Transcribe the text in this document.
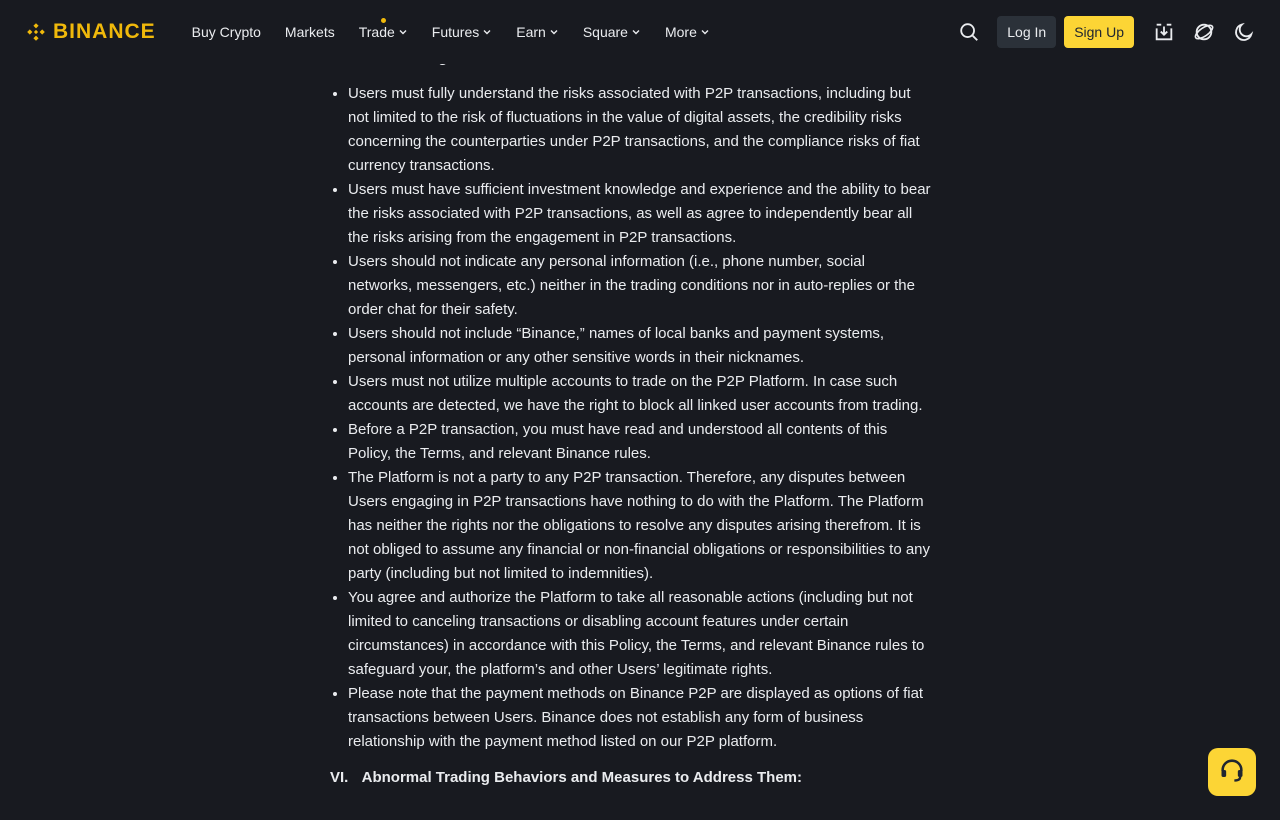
• Users must fully understand the risks associated with P2P transactions, including but not limited to the risk of fluctuations in the value of digital assets, the credibility risks concerning the counterparties under P2P transactions, and the compliance risks of fiat currency transactions.
• Users must have sufficient investment knowledge and experience and the ability to bear the risks associated with P2P transactions, as well as agree to independently bear all the risks arising from the engagement in P2P transactions.
• Users should not indicate any personal information (i.e., phone number, social networks, messengers, etc.) neither in the trading conditions nor in auto-replies or the order chat for their safety.
• Users should not include “Binance,” names of local banks and payment systems, personal information or any other sensitive words in their nicknames.
• Users must not utilize multiple accounts to trade on the P2P Platform. In case such accounts are detected, we have the right to block all linked user accounts from trading.
• Before a P2P transaction, you must have read and understood all contents of this Policy, the Terms, and relevant Binance rules.
• The Platform is not a party to any P2P transaction. Therefore, any disputes between Users engaging in P2P transactions have nothing to do with the Platform. The Platform has neither the rights nor the obligations to resolve any disputes arising therefrom. It is not obliged to assume any financial or non-financial obligations or responsibilities to any party (including but not limited to indemnities).
• You agree and authorize the Platform to take all reasonable actions (including but not limited to canceling transactions or disabling account features under certain circumstances) in accordance with this Policy, the Terms, and relevant Binance rules to safeguard your, the platform’s and other Users’ legitimate rights.
• Please note that the payment methods on Binance P2P are displayed as options of fiat transactions between Users. Binance does not establish any form of business relationship with the payment method listed on our P2P platform.
VI. Abnormal Trading Behaviors and Measures to Address Them:
BINANCE	Buy Crypto Markets Trade	Futures	Earn	Square	More	Log In	Sign Up
